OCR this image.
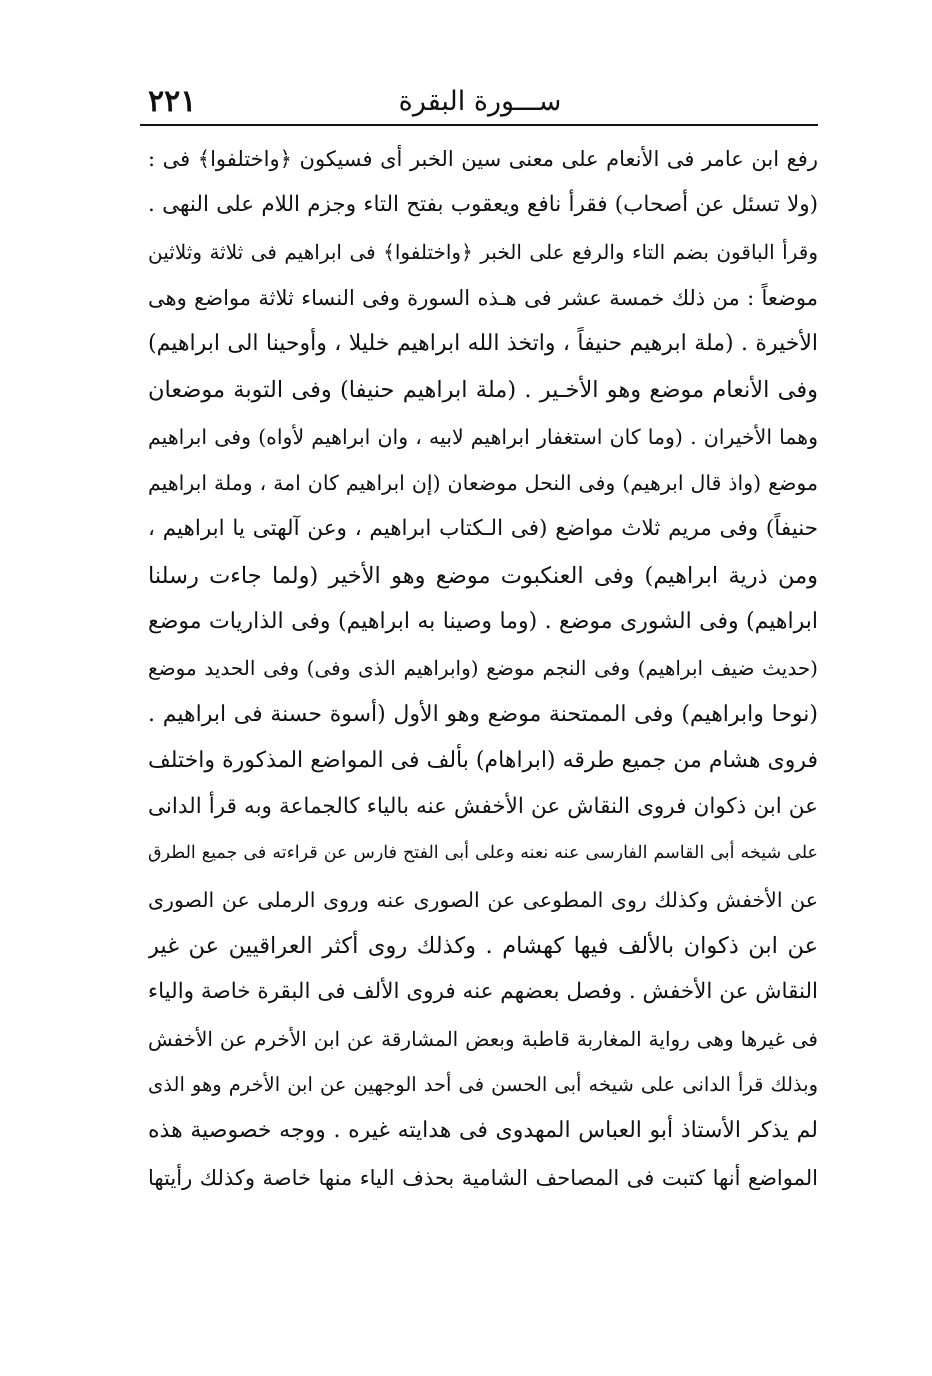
٢٢١	ســـورة البقرة
رفع ابن عامر فى الأنعام على معنى سين الخبر أى فسيكون ﴿واختلفوا﴾ فى :
(ولا تسئل عن أصحاب) فقرأ نافع ويعقوب بفتح التاء وجزم اللام على النهى .
وقرأ الباقون بضم التاء والرفع على الخبر ﴿واختلفوا﴾ فى ابراهيم فى ثلاثة وثلاثين
موضعاً : من ذلك خمسة عشر فى هـذه السورة وفى النساء ثلاثة مواضع وهى
الأخيرة . (ملة ابرهيم حنيفاً ، واتخذ الله ابراهيم خليلا ، وأوحينا الى ابراهيم)
وفى الأنعام موضع وهو الأخـير . (ملة ابراهيم حنيفا) وفى التوبة موضعان
وهما الأخيران . (وما كان استغفار ابراهيم لابيه ، وان ابراهيم لأواه) وفى ابراهيم
موضع (واذ قال ابرهيم) وفى النحل موضعان (إن ابراهيم كان امة ، وملة ابراهيم
حنيفاً) وفى مريم ثلاث مواضع (فى الـكتاب ابراهيم ، وعن آلهتى يا ابراهيم ،
ومن ذرية ابراهيم) وفى العنكبوت موضع وهو الأخير (ولما جاءت رسلنا
ابراهيم) وفى الشورى موضع . (وما وصينا به ابراهيم) وفى الذاريات موضع
(حديث ضيف ابراهيم) وفى النجم موضع (وابراهيم الذى وفى) وفى الحديد موضع
(نوحا وابراهيم) وفى الممتحنة موضع وهو الأول (أسوة حسنة فى ابراهيم .
فروى هشام من جميع طرقه (ابراهام) بألف فى المواضع المذكورة واختلف
عن ابن ذكوان فروى النقاش عن الأخفش عنه بالياء كالجماعة وبه قرأ الدانى
على شيخه أبى القاسم الفارسى عنه نعنه وعلى أبى الفتح فارس عن قراءته فى جميع الطرق
عن الأخفش وكذلك روى المطوعى عن الصورى عنه وروى الرملى عن الصورى
عن ابن ذكوان بالألف فيها كهشام . وكذلك روى أكثر العراقيين عن غير
النقاش عن الأخفش . وفصل بعضهم عنه فروى الألف فى البقرة خاصة والياء
فى غيرها وهى رواية المغاربة قاطبة وبعض المشارقة عن ابن الأخرم عن الأخفش
وبذلك قرأ الدانى على شيخه أبى الحسن فى أحد الوجهين عن ابن الأخرم وهو الذى
لم يذكر الأستاذ أبو العباس المهدوى فى هدايته غيره . ووجه خصوصية هذه
المواضع أنها كتبت فى المصاحف الشامية بحذف الياء منها خاصة وكذلك رأيتها
